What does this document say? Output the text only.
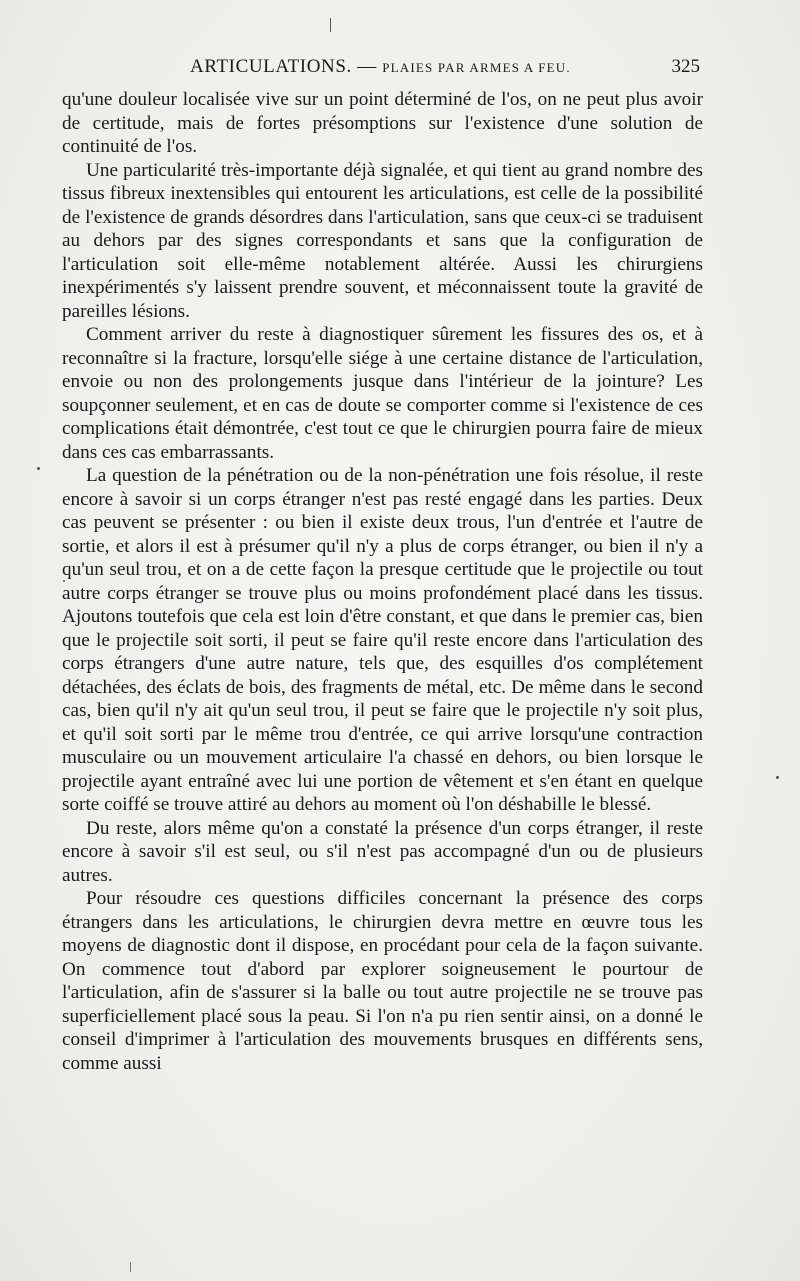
ARTICULATIONS. — PLAIES PAR ARMES A FEU.	325

qu'une douleur localisée vive sur un point déterminé de l'os, on ne peut plus avoir de certitude, mais de fortes présomptions sur l'existence d'une solution de continuité de l'os.

Une particularité très-importante déjà signalée, et qui tient au grand nombre des tissus fibreux inextensibles qui entourent les articulations, est celle de la possibilité de l'existence de grands désordres dans l'articulation, sans que ceux-ci se traduisent au dehors par des signes correspondants et sans que la configuration de l'articulation soit elle-même notablement altérée. Aussi les chirurgiens inexpérimentés s'y laissent prendre souvent, et méconnaissent toute la gravité de pareilles lésions.

Comment arriver du reste à diagnostiquer sûrement les fissures des os, et à reconnaître si la fracture, lorsqu'elle siége à une certaine distance de l'articulation, envoie ou non des prolongements jusque dans l'intérieur de la jointure? Les soupçonner seulement, et en cas de doute se comporter comme si l'existence de ces complications était démontrée, c'est tout ce que le chirurgien pourra faire de mieux dans ces cas embarrassants.

La question de la pénétration ou de la non-pénétration une fois résolue, il reste encore à savoir si un corps étranger n'est pas resté engagé dans les parties. Deux cas peuvent se présenter : ou bien il existe deux trous, l'un d'entrée et l'autre de sortie, et alors il est à présumer qu'il n'y a plus de corps étranger, ou bien il n'y a qu'un seul trou, et on a de cette façon la presque certitude que le projectile ou tout autre corps étranger se trouve plus ou moins profondément placé dans les tissus. Ajoutons toutefois que cela est loin d'être constant, et que dans le premier cas, bien que le projectile soit sorti, il peut se faire qu'il reste encore dans l'articulation des corps étrangers d'une autre nature, tels que, des esquilles d'os complétement détachées, des éclats de bois, des fragments de métal, etc. De même dans le second cas, bien qu'il n'y ait qu'un seul trou, il peut se faire que le projectile n'y soit plus, et qu'il soit sorti par le même trou d'entrée, ce qui arrive lorsqu'une contraction musculaire ou un mouvement articulaire l'a chassé en dehors, ou bien lorsque le projectile ayant entraîné avec lui une portion de vêtement et s'en étant en quelque sorte coiffé se trouve attiré au dehors au moment où l'on déshabille le blessé.

Du reste, alors même qu'on a constaté la présence d'un corps étranger, il reste encore à savoir s'il est seul, ou s'il n'est pas accompagné d'un ou de plusieurs autres.

Pour résoudre ces questions difficiles concernant la présence des corps étrangers dans les articulations, le chirurgien devra mettre en œuvre tous les moyens de diagnostic dont il dispose, en procédant pour cela de la façon suivante. On commence tout d'abord par explorer soigneusement le pourtour de l'articulation, afin de s'assurer si la balle ou tout autre projectile ne se trouve pas superficiellement placé sous la peau. Si l'on n'a pu rien sentir ainsi, on a donné le conseil d'imprimer à l'articulation des mouvements brusques en différents sens, comme aussi
